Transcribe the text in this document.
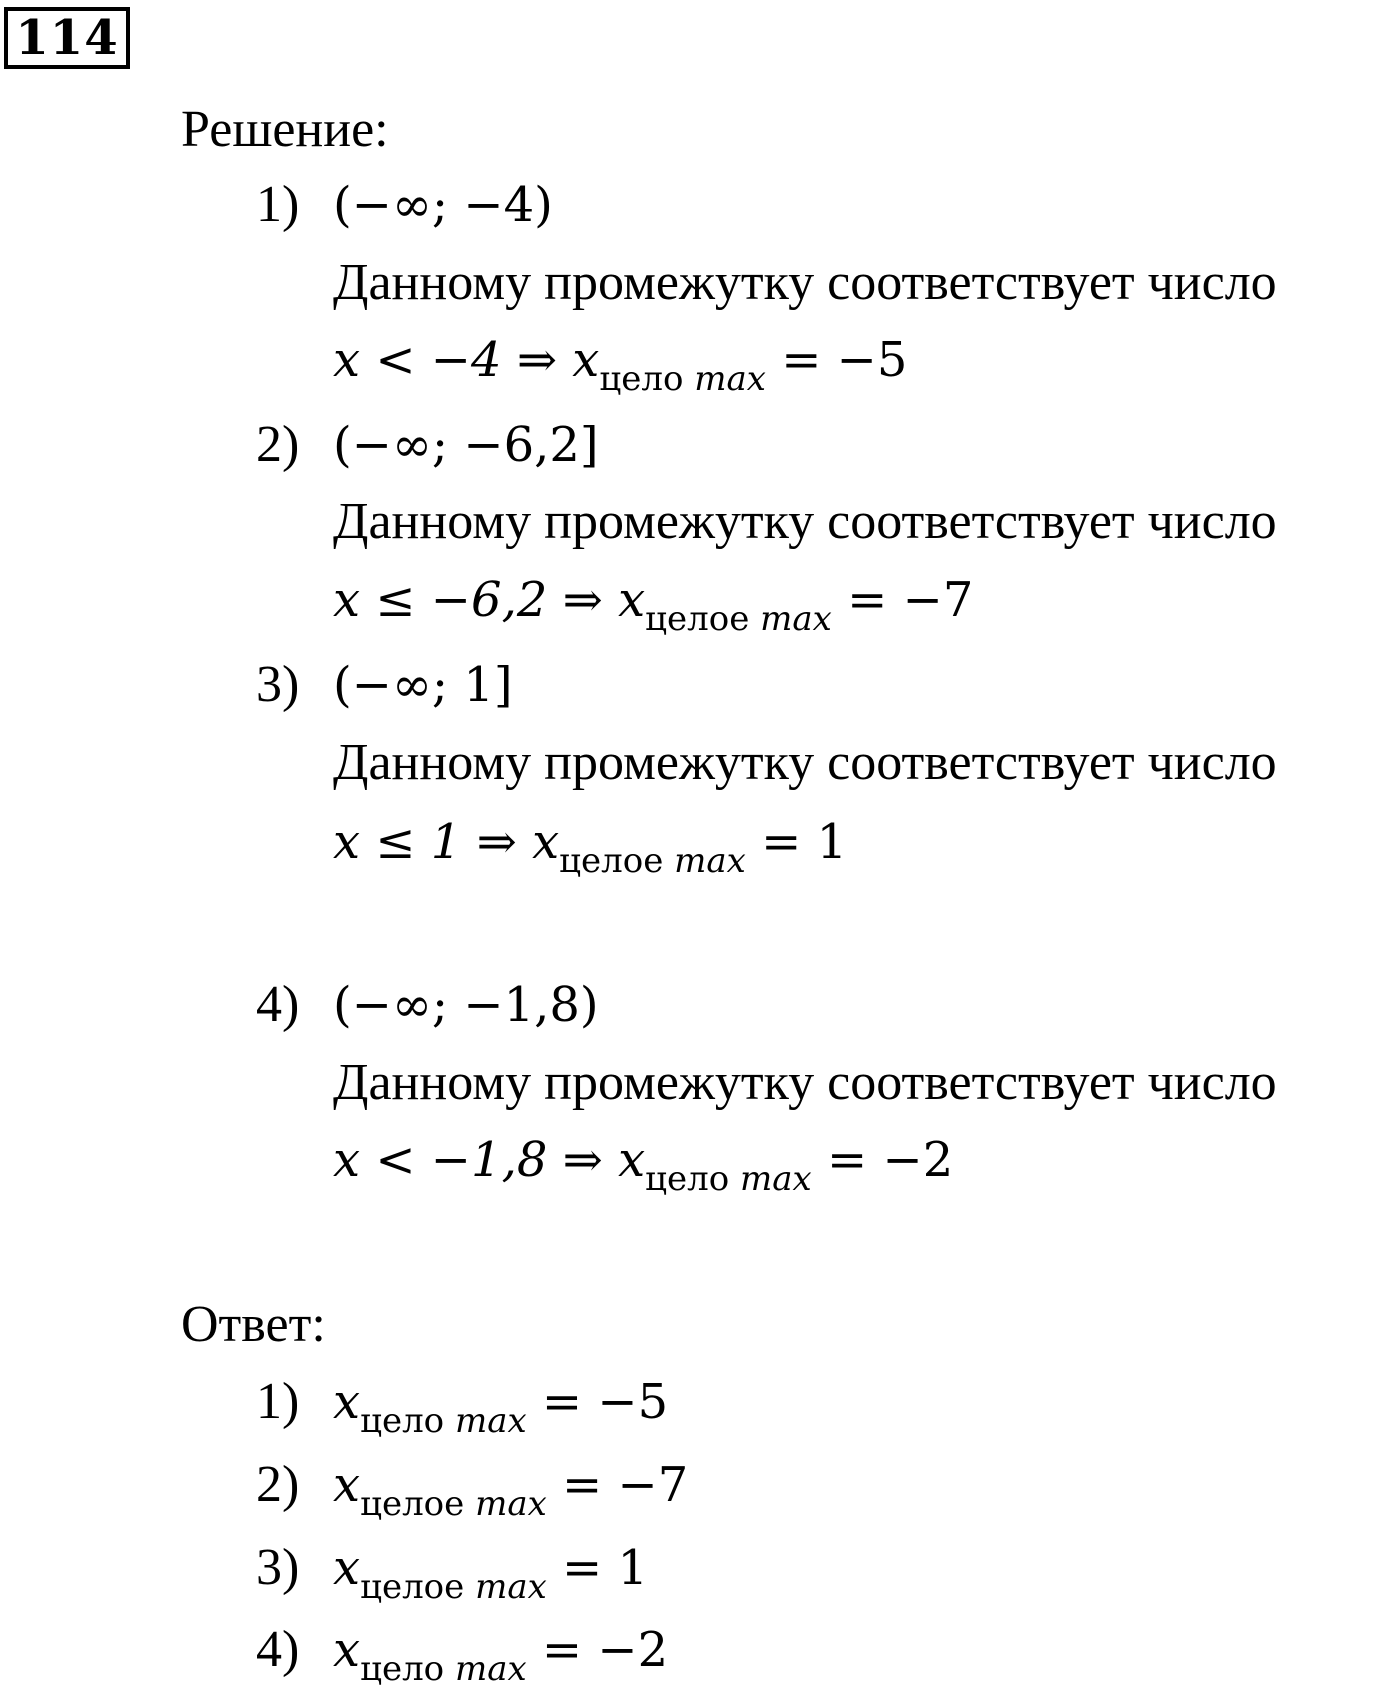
114
Решение:
1) (−∞; −4)
Данному промежутку соответствует число
x < −4 ⇒ $x_{цело max} = -5$
2) (−∞; −6,2]
Данному промежутку соответствует число
x ≤ −6,2 ⇒ $x_{целое max} = -7$
3) (−∞; 1]
Данному промежутку соответствует число
x ≤ 1 ⇒ $x_{целое max} = 1$
4) (−∞; −1,8)
Данному промежутку соответствует число
x < −1,8 ⇒ $x_{цело max} = -2$
Ответ:
1) $x_{цело max} = -5$
2) $x_{целое max} = -7$
3) $x_{целое max} = 1$
4) $x_{цело max} = -2$
